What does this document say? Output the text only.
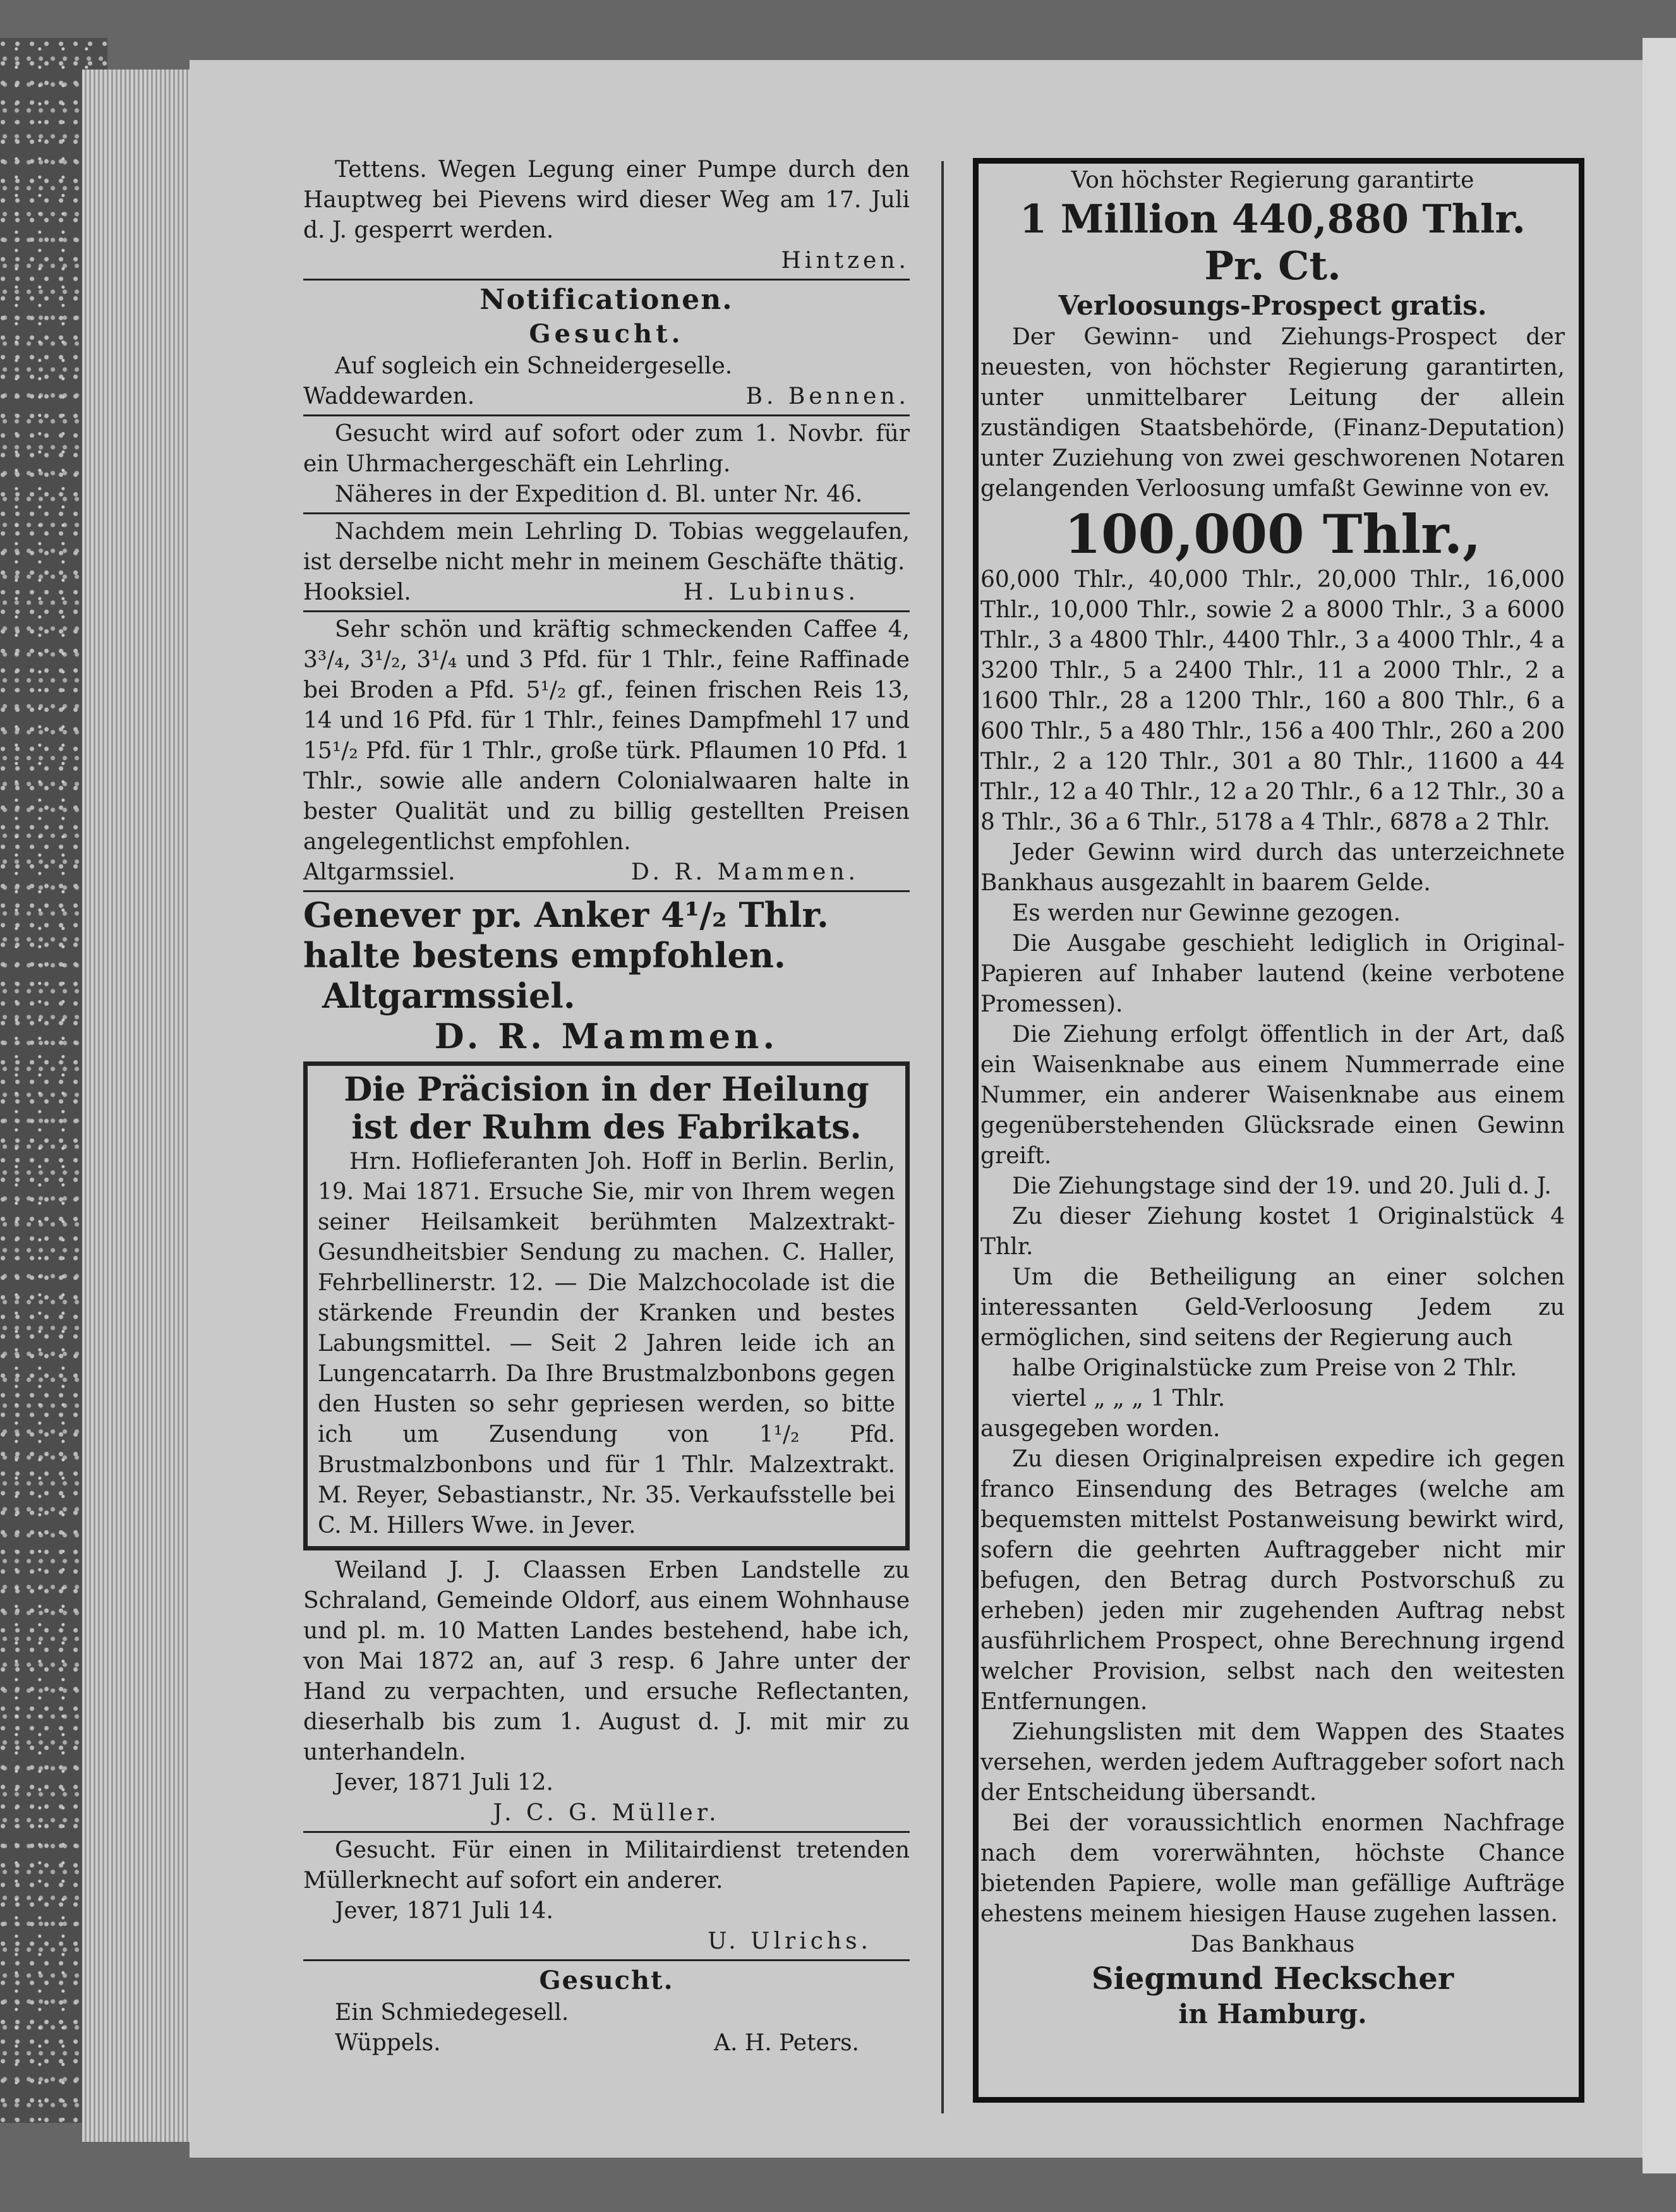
Tettens. Wegen Legung einer Pumpe durch den Hauptweg bei Pievens wird dieser Weg am 17. Juli d. J. gesperrt werden.

Hintzen.
Notificationen.
Gesucht.

Auf sogleich ein Schneidergeselle.

Waddewarden.	B. Bennen.

Gesucht wird auf sofort oder zum 1. Novbr. für ein Uhrmachergeschäft ein Lehrling.

Näheres in der Expedition d. Bl. unter Nr. 46.

Nachdem mein Lehrling D. Tobias weggelaufen, ist derselbe nicht mehr in meinem Geschäfte thätig.

Hooksiel.	H. Lubinus.

Sehr schön und kräftig schmeckenden Caffee 4, 3³/₄, 3¹/₂, 3¹/₄ und 3 Pfd. für 1 Thlr., feine Raffinade bei Broden a Pfd. 5¹/₂ gf., feinen frischen Reis 13, 14 und 16 Pfd. für 1 Thlr., feines Dampfmehl 17 und 15¹/₂ Pfd. für 1 Thlr., große türk. Pflaumen 10 Pfd. 1 Thlr., sowie alle andern Colonialwaaren halte in bester Qualität und zu billig gestellten Preisen angelegentlichst empfohlen.

Altgarmssiel.	D. R. Mammen.
Genever pr. Anker 4¹/₂ Thlr.
halte bestens empfohlen.
Altgarmssiel.
D. R. Mammen.
Die Präcision in der Heilung ist der Ruhm des Fabrikats.

Hrn. Hoflieferanten Joh. Hoff in Berlin. Berlin, 19. Mai 1871. Ersuche Sie, mir von Ihrem wegen seiner Heilsamkeit berühmten Malzextrakt-Gesundheitsbier Sendung zu machen. C. Haller, Fehrbellinerstr. 12. — Die Malzchocolade ist die stärkende Freundin der Kranken und bestes Labungsmittel. — Seit 2 Jahren leide ich an Lungencatarrh. Da Ihre Brustmalzbonbons gegen den Husten so sehr gepriesen werden, so bitte ich um Zusendung von 1¹/₂ Pfd. Brustmalzbonbons und für 1 Thlr. Malzextrakt. M. Reyer, Sebastianstr., Nr. 35. Verkaufsstelle bei C. M. Hillers Wwe. in Jever.

Weiland J. J. Claassen Erben Landstelle zu Schraland, Gemeinde Oldorf, aus einem Wohnhause und pl. m. 10 Matten Landes bestehend, habe ich, von Mai 1872 an, auf 3 resp. 6 Jahre unter der Hand zu verpachten, und ersuche Reflectanten, dieserhalb bis zum 1. August d. J. mit mir zu unterhandeln.

Jever, 1871 Juli 12.
J. C. G. Müller.

Gesucht. Für einen in Militairdienst tretenden Müllerknecht auf sofort ein anderer.

Jever, 1871 Juli 14.
U. Ulrichs.
Gesucht.
Ein Schmiedegesell.
Wüppels.	A. H. Peters.
Von höchster Regierung garantirte
1 Million 440,880 Thlr.
Pr. Ct.
Verloosungs-Prospect gratis.

Der Gewinn- und Ziehungs-Prospect der neuesten, von höchster Regierung garantirten, unter unmittelbarer Leitung der allein zuständigen Staatsbehörde, (Finanz-Deputation) unter Zuziehung von zwei geschworenen Notaren gelangenden Verloosung umfaßt Gewinne von ev.

100,000 Thlr.,

60,000 Thlr., 40,000 Thlr., 20,000 Thlr., 16,000 Thlr., 10,000 Thlr., sowie 2 a 8000 Thlr., 3 a 6000 Thlr., 3 a 4800 Thlr., 4400 Thlr., 3 a 4000 Thlr., 4 a 3200 Thlr., 5 a 2400 Thlr., 11 a 2000 Thlr., 2 a 1600 Thlr., 28 a 1200 Thlr., 160 a 800 Thlr., 6 a 600 Thlr., 5 a 480 Thlr., 156 a 400 Thlr., 260 a 200 Thlr., 2 a 120 Thlr., 301 a 80 Thlr., 11600 a 44 Thlr., 12 a 40 Thlr., 12 a 20 Thlr., 6 a 12 Thlr., 30 a 8 Thlr., 36 a 6 Thlr., 5178 a 4 Thlr., 6878 a 2 Thlr.

Jeder Gewinn wird durch das unterzeichnete Bankhaus ausgezahlt in baarem Gelde.

Es werden nur Gewinne gezogen.

Die Ausgabe geschieht lediglich in Original-Papieren auf Inhaber lautend (keine verbotene Promessen).

Die Ziehung erfolgt öffentlich in der Art, daß ein Waisenknabe aus einem Nummerrade eine Nummer, ein anderer Waisenknabe aus einem gegenüberstehenden Glücksrade einen Gewinn greift.

Die Ziehungstage sind der 19. und 20. Juli d. J.

Zu dieser Ziehung kostet 1 Originalstück 4 Thlr.

Um die Betheiligung an einer solchen interessanten Geld-Verloosung Jedem zu ermöglichen, sind seitens der Regierung auch

halbe Originalstücke zum Preise von 2 Thlr.
viertel „ „ „ 1 Thlr.
ausgegeben worden.

Zu diesen Originalpreisen expedire ich gegen franco Einsendung des Betrages (welche am bequemsten mittelst Postanweisung bewirkt wird, sofern die geehrten Auftraggeber nicht mir befugen, den Betrag durch Postvorschuß zu erheben) jeden mir zugehenden Auftrag nebst ausführlichem Prospect, ohne Berechnung irgend welcher Provision, selbst nach den weitesten Entfernungen.

Ziehungslisten mit dem Wappen des Staates versehen, werden jedem Auftraggeber sofort nach der Entscheidung übersandt.

Bei der voraussichtlich enormen Nachfrage nach dem vorerwähnten, höchste Chance bietenden Papiere, wolle man gefällige Aufträge ehestens meinem hiesigen Hause zugehen lassen.

Das Bankhaus
Siegmund Heckscher
in Hamburg.
